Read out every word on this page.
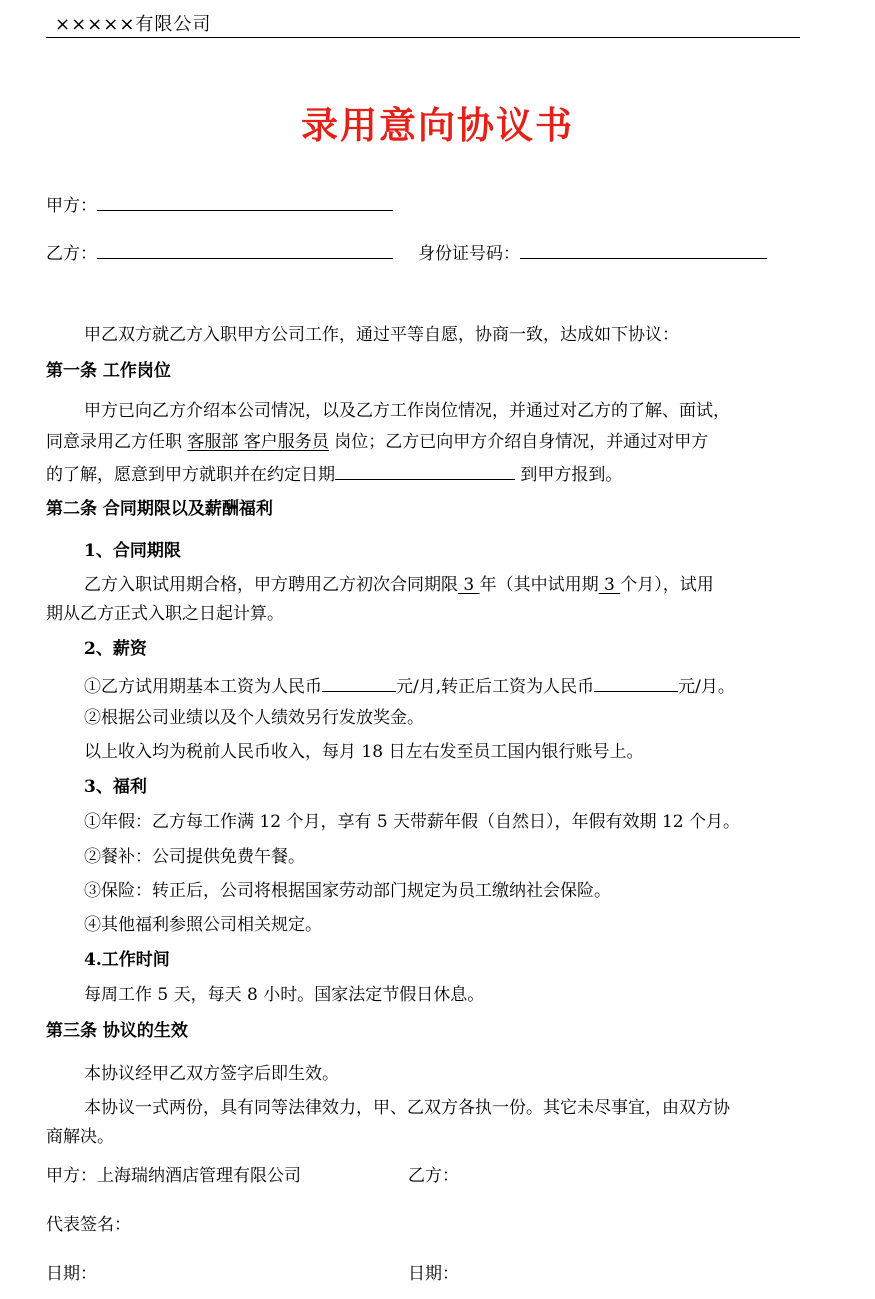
×××××有限公司
录用意向协议书
甲方：
乙方：	身份证号码：
甲乙双方就乙方入职甲方公司工作，通过平等自愿，协商一致，达成如下协议：
第一条 工作岗位
甲方已向乙方介绍本公司情况，以及乙方工作岗位情况，并通过对乙方的了解、面试，
同意录用乙方任职 客服部 客户服务员 岗位；乙方已向甲方介绍自身情况，并通过对甲方
的了解，愿意到甲方就职并在约定日期	到甲方报到。
第二条 合同期限以及薪酬福利
1、合同期限
乙方入职试用期合格，甲方聘用乙方初次合同期限 3 年（其中试用期 3 个月），试用
期从乙方正式入职之日起计算。
2、薪资
①乙方试用期基本工资为人民币	元/月,转正后工资为人民币	元/月。
②根据公司业绩以及个人绩效另行发放奖金。
以上收入均为税前人民币收入，每月 18 日左右发至员工国内银行账号上。
3、福利
①年假：乙方每工作满 12 个月，享有 5 天带薪年假（自然日），年假有效期 12 个月。
②餐补：公司提供免费午餐。
③保险：转正后，公司将根据国家劳动部门规定为员工缴纳社会保险。
④其他福利参照公司相关规定。
4.工作时间
每周工作 5 天，每天 8 小时。国家法定节假日休息。
第三条 协议的生效
本协议经甲乙双方签字后即生效。
本协议一式两份，具有同等法律效力，甲、乙双方各执一份。其它未尽事宜，由双方协
商解决。
甲方：上海瑞纳酒店管理有限公司	乙方：
代表签名：
日期：	日期：
